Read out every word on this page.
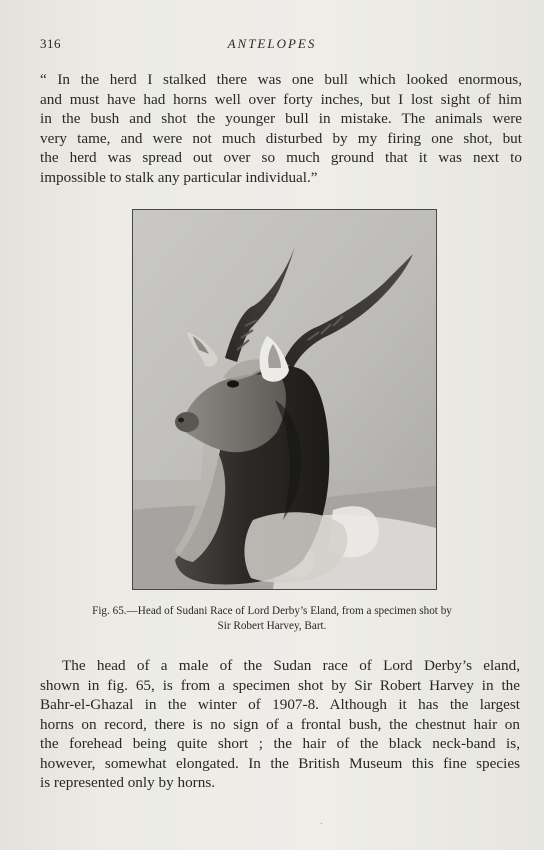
316	ANTELOPES

“ In the herd I stalked there was one bull which looked enormous,
and must have had horns well over forty inches, but I lost sight of him
in the bush and shot the younger bull in mistake. The animals were
very tame, and were not much disturbed by my firing one shot, but
the herd was spread out over so much ground that it was next to
impossible to stalk any particular individual.”

Fig. 65.—Head of Sudani Race of Lord Derby’s Eland, from a specimen shot by
Sir Robert Harvey, Bart.

The head of a male of the Sudan race of Lord Derby’s eland,
shown in fig. 65, is from a specimen shot by Sir Robert Harvey in the
Bahr-el-Ghazal in the winter of 1907-8. Although it has the largest
horns on record, there is no sign of a frontal bush, the chestnut hair on
the forehead being quite short ; the hair of the black neck-band is,
however, somewhat elongated. In the British Museum this fine species
is represented only by horns.

.
